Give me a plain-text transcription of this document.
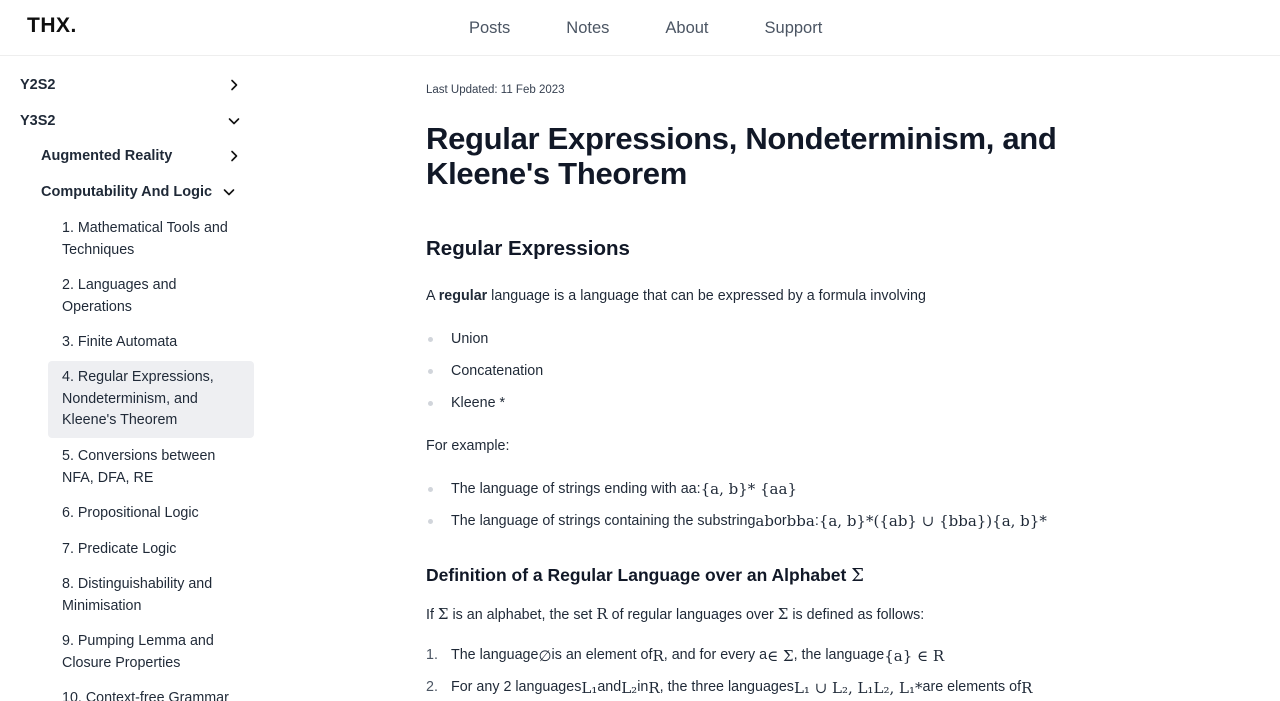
THX.	Posts	Notes	About	Support
Y2S2
Y3S2
Augmented Reality
Computability And Logic
1. Mathematical Tools and
Techniques
2. Languages and
Operations
3. Finite Automata
4. Regular Expressions,
Nondeterminism, and
Kleene's Theorem
5. Conversions between
NFA, DFA, RE
6. Propositional Logic
7. Predicate Logic
8. Distinguishability and
Minimisation
9. Pumping Lemma and
Closure Properties
10. Context-free Grammar
Last Updated: 11 Feb 2023
Regular Expressions, Nondeterminism, and
Kleene's Theorem
Regular Expressions

A regular language is a language that can be expressed by a formula involving

Union
Concatenation
Kleene *

For example:

The language of strings ending with aa: {a, b}* {aa}
The language of strings containing the substring ab or bba : {a, b}*({ab} ∪ {bba}){a, b}*
Definition of a Regular Language over an Alphabet Σ

If Σ is an alphabet, the set R of regular languages over Σ is defined as follows:

1. The language ∅ is an element of R , and for every a ∈ Σ , the language {a} ∈ R
2. For any 2 languages L₁ and L₂ in R , the three languages L₁ ∪ L₂, L₁L₂, L₁* are elements of R
